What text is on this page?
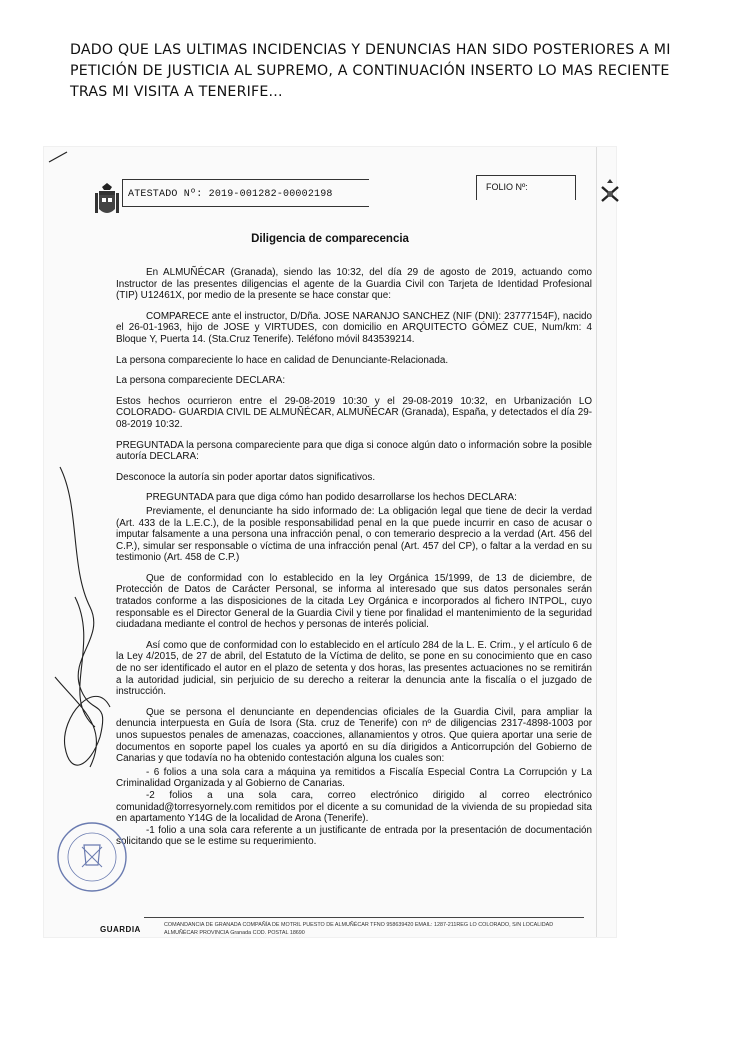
DADO QUE LAS ULTIMAS INCIDENCIAS Y DENUNCIAS HAN SIDO POSTERIORES A MI PETICIÓN DE JUSTICIA AL SUPREMO, A CONTINUACIÓN INSERTO LO MAS RECIENTE TRAS MI VISITA A TENERIFE...
ATESTADO Nº: 2019-001282-00002198
FOLIO Nº:
Diligencia de comparecencia

En ALMUÑÉCAR (Granada), siendo las 10:32, del día 29 de agosto de 2019, actuando como Instructor de las presentes diligencias el agente de la Guardia Civil con Tarjeta de Identidad Profesional (TIP) U12461X, por medio de la presente se hace constar que:

COMPARECE ante el instructor, D/Dña. JOSE NARANJO SANCHEZ (NIF (DNI): 23777154F), nacido el 26-01-1963, hijo de JOSE y VIRTUDES, con domicilio en ARQUITECTO GÓMEZ CUE, Num/km: 4 Bloque Y, Puerta 14. (Sta.Cruz Tenerife). Teléfono móvil 843539214.

La persona compareciente lo hace en calidad de Denunciante-Relacionada.

La persona compareciente DECLARA:

Estos hechos ocurrieron entre el 29-08-2019 10:30 y el 29-08-2019 10:32, en Urbanización LO COLORADO- GUARDIA CIVIL DE ALMUÑÉCAR, ALMUÑÉCAR (Granada), España, y detectados el día 29-08-2019 10:32.

PREGUNTADA la persona compareciente para que diga si conoce algún dato o información sobre la posible autoría DECLARA:

Desconoce la autoría sin poder aportar datos significativos.

PREGUNTADA para que diga cómo han podido desarrollarse los hechos DECLARA:

Previamente, el denunciante ha sido informado de: La obligación legal que tiene de decir la verdad (Art. 433 de la L.E.C.), de la posible responsabilidad penal en la que puede incurrir en caso de acusar o imputar falsamente a una persona una infracción penal, o con temerario desprecio a la verdad (Art. 456 del C.P.), simular ser responsable o víctima de una infracción penal (Art. 457 del CP), o faltar a la verdad en su testimonio (Art. 458 de C.P.)

Que de conformidad con lo establecido en la ley Orgánica 15/1999, de 13 de diciembre, de Protección de Datos de Carácter Personal, se informa al interesado que sus datos personales serán tratados conforme a las disposiciones de la citada Ley Orgánica e incorporados al fichero INTPOL, cuyo responsable es el Director General de la Guardia Civil y tiene por finalidad el mantenimiento de la seguridad ciudadana mediante el control de hechos y personas de interés policial.

Así como que de conformidad con lo establecido en el artículo 284 de la L. E. Crim., y el artículo 6 de la Ley 4/2015, de 27 de abril, del Estatuto de la Víctima de delito, se pone en su conocimiento que en caso de no ser identificado el autor en el plazo de setenta y dos horas, las presentes actuaciones no se remitirán a la autoridad judicial, sin perjuicio de su derecho a reiterar la denuncia ante la fiscalía o el juzgado de instrucción.

Que se persona el denunciante en dependencias oficiales de la Guardia Civil, para ampliar la denuncia interpuesta en Guía de Isora (Sta. cruz de Tenerife) con nº de diligencias 2317-4898-1003 por unos supuestos penales de amenazas, coacciones, allanamientos y otros. Que quiera aportar una serie de documentos en soporte papel los cuales ya aportó en su día dirigidos a Anticorrupción del Gobierno de Canarias y que todavía no ha obtenido contestación alguna los cuales son:

- 6 folios a una sola cara a máquina ya remitidos a Fiscalía Especial Contra La Corrupción y La Criminalidad Organizada y al Gobierno de Canarias.

-2 folios a una sola cara, correo electrónico dirigido al correo electrónico comunidad@torresyornely.com remitidos por el dicente a su comunidad de la vivienda de su propiedad sita en apartamento Y14G de la localidad de Arona (Tenerife).

-1 folio a una sola cara referente a un justificante de entrada por la presentación de documentación solicitando que se le estime su requerimiento.

GUARDIA	COMANDANCIA DE GRANADA COMPAÑÍA DE MOTRIL PUESTO DE ALMUÑÉCAR TFNO 958639420 EMAIL: 1287-211REG LO COLORADO, S/N LOCALIDAD ALMUÑÉCAR PROVINCIA Granada COD. POSTAL 18690
